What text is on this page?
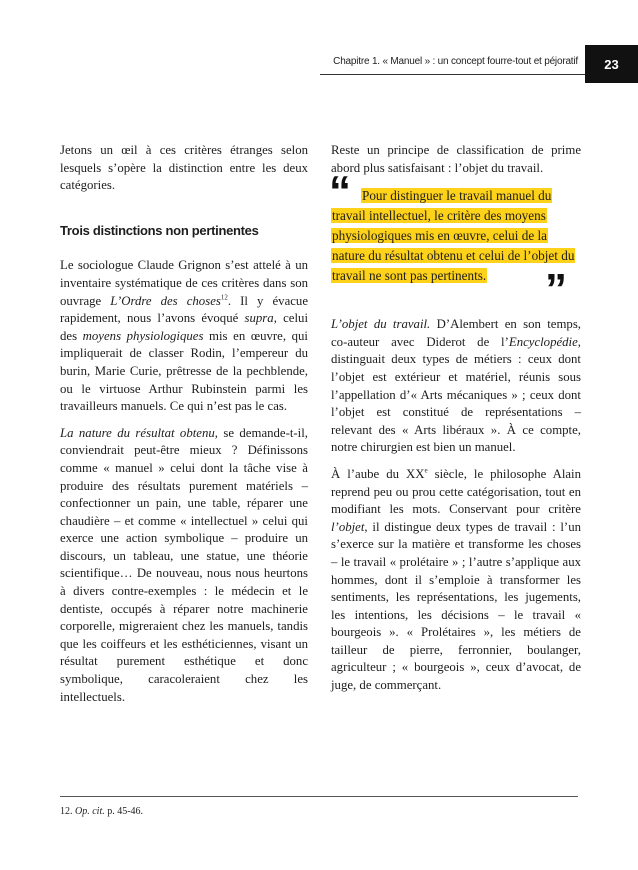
Chapitre 1. « Manuel » : un concept fourre-tout et péjoratif	23

Jetons un œil à ces critères étranges selon lesquels s’opère la distinction entre les deux catégories.

Trois distinctions non pertinentes

Le sociologue Claude Grignon s’est attelé à un inventaire systématique de ces critères dans son ouvrage L’Ordre des choses$^{12}$. Il y évacue rapidement, nous l’avons évoqué supra, celui des moyens physiologiques mis en œuvre, qui impliquerait de classer Rodin, l’empereur du burin, Marie Curie, prêtresse de la pechblende, ou le virtuose Arthur Rubinstein parmi les travailleurs manuels. Ce qui n’est pas le cas.

La nature du résultat obtenu, se demande-t-il, conviendrait peut-être mieux ? Définissons comme « manuel » celui dont la tâche vise à produire des résultats purement matériels – confectionner un pain, une table, réparer une chaudière – et comme « intellectuel » celui qui exerce une action symbolique – produire un discours, un tableau, une statue, une théorie scientifique… De nouveau, nous nous heurtons à divers contre-exemples : le médecin et le dentiste, occupés à réparer notre machinerie corporelle, migreraient chez les manuels, tandis que les coiffeurs et les esthéticiennes, visant un résultat purement esthétique et donc symbolique, caracoleraient chez les intellectuels.

Reste un principe de classification de prime abord plus satisfaisant : l’objet du travail.

“ Pour distinguer le travail manuel du travail intellectuel, le critère des moyens physiologiques mis en œuvre, celui de la nature du résultat obtenu et celui de l’objet du travail ne sont pas pertinents.	”

L’objet du travail. D’Alembert en son temps, co-auteur avec Diderot de l’Encyclopédie, distinguait deux types de métiers : ceux dont l’objet est extérieur et matériel, réunis sous l’appellation d’« Arts mécaniques » ; ceux dont l’objet est constitué de représentations – relevant des « Arts libéraux ». À ce compte, notre chirurgien est bien un manuel.

À l’aube du XXe siècle, le philosophe Alain reprend peu ou prou cette catégorisation, tout en modifiant les mots. Conservant pour critère l’objet, il distingue deux types de travail : l’un s’exerce sur la matière et transforme les choses – le travail « prolétaire » ; l’autre s’applique aux hommes, dont il s’emploie à transformer les sentiments, les représentations, les jugements, les intentions, les décisions – le travail « bourgeois ». « Prolétaires », les métiers de tailleur de pierre, ferronnier, boulanger, agriculteur ; « bourgeois », ceux d’avocat, de juge, de commerçant.

12. Op. cit. p. 45-46.
